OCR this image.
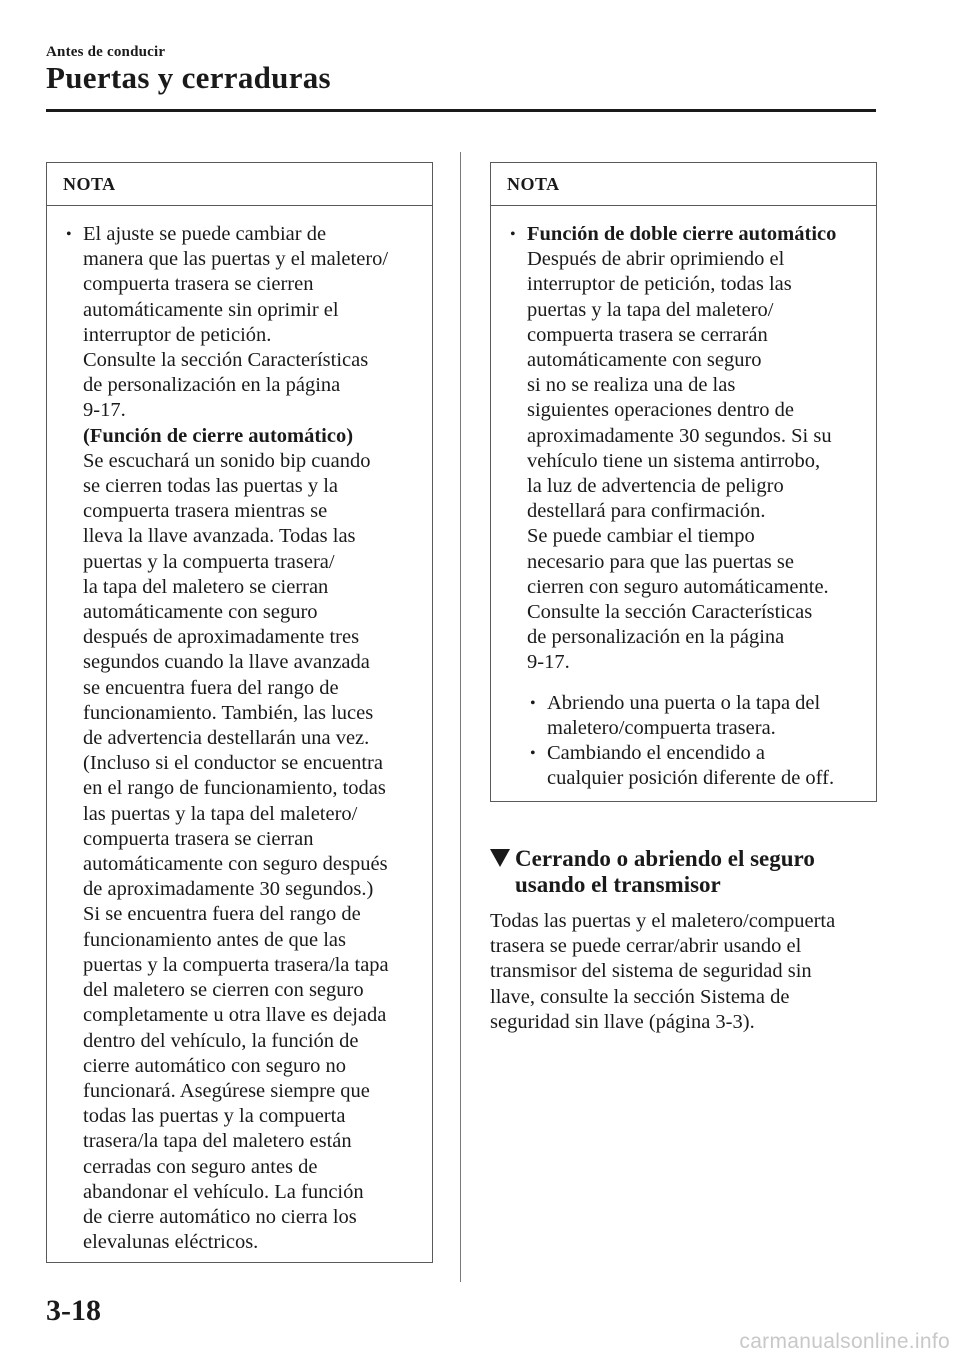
Antes de conducir
Puertas y cerraduras
NOTA
• El ajuste se puede cambiar de
manera que las puertas y el maletero/
compuerta trasera se cierren
automáticamente sin oprimir el
interruptor de petición.
Consulte la sección Características
de personalización en la página
9-17.
(Función de cierre automático)
Se escuchará un sonido bip cuando
se cierren todas las puertas y la
compuerta trasera mientras se
lleva la llave avanzada. Todas las
puertas y la compuerta trasera/
la tapa del maletero se cierran
automáticamente con seguro
después de aproximadamente tres
segundos cuando la llave avanzada
se encuentra fuera del rango de
funcionamiento. También, las luces
de advertencia destellarán una vez.
(Incluso si el conductor se encuentra
en el rango de funcionamiento, todas
las puertas y la tapa del maletero/
compuerta trasera se cierran
automáticamente con seguro después
de aproximadamente 30 segundos.)
Si se encuentra fuera del rango de
funcionamiento antes de que las
puertas y la compuerta trasera/la tapa
del maletero se cierren con seguro
completamente u otra llave es dejada
dentro del vehículo, la función de
cierre automático con seguro no
funcionará. Asegúrese siempre que
todas las puertas y la compuerta
trasera/la tapa del maletero están
cerradas con seguro antes de
abandonar el vehículo. La función
de cierre automático no cierra los
elevalunas eléctricos.
NOTA
• Función de doble cierre automático
Después de abrir oprimiendo el
interruptor de petición, todas las
puertas y la tapa del maletero/
compuerta trasera se cerrarán
automáticamente con seguro
si no se realiza una de las
siguientes operaciones dentro de
aproximadamente 30 segundos. Si su
vehículo tiene un sistema antirrobo,
la luz de advertencia de peligro
destellará para confirmación.
Se puede cambiar el tiempo
necesario para que las puertas se
cierren con seguro automáticamente.
Consulte la sección Características
de personalización en la página
9-17.
• Abriendo una puerta o la tapa del
maletero/compuerta trasera.
• Cambiando el encendido a
cualquier posición diferente de off.
Cerrando o abriendo el seguro
usando el transmisor
Todas las puertas y el maletero/compuerta
trasera se puede cerrar/abrir usando el
transmisor del sistema de seguridad sin
llave, consulte la sección Sistema de
seguridad sin llave (página 3-3).
3-18
carmanualsonline.info
